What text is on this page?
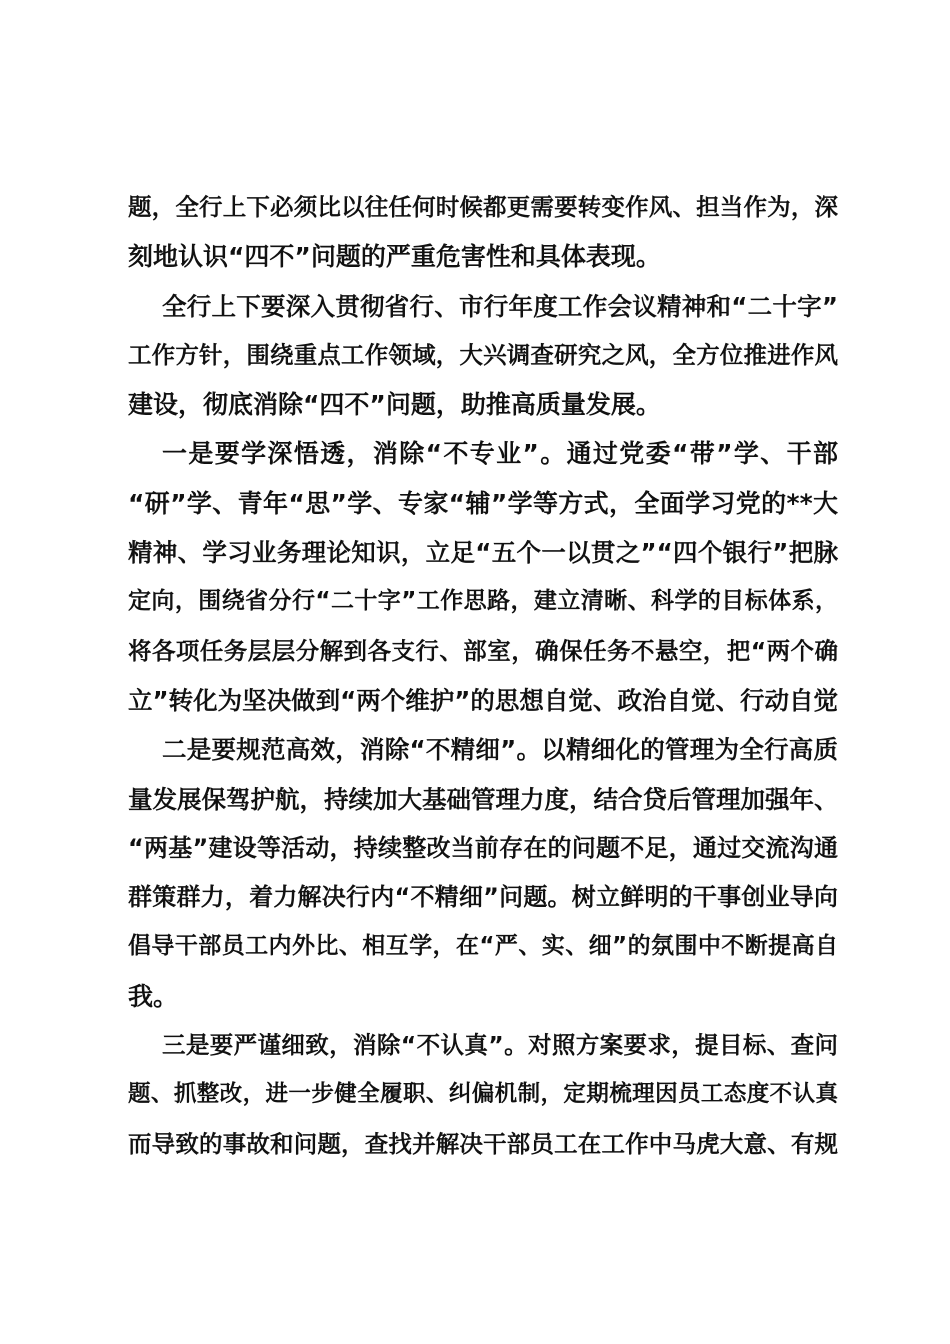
题，全行上下必须比以往任何时候都更需要转变作风、担当作为，深
刻地认识“四不”问题的严重危害性和具体表现。
全行上下要深入贯彻省行、市行年度工作会议精神和“二十字”
工作方针，围绕重点工作领域，大兴调查研究之风，全方位推进作风
建设，彻底消除“四不”问题，助推高质量发展。
一是要学深悟透，消除“不专业”。通过党委“带”学、干部
“研”学、青年“思”学、专家“辅”学等方式，全面学习党的**大
精神、学习业务理论知识，立足“五个一以贯之”“四个银行”把脉
定向，围绕省分行“二十字”工作思路，建立清晰、科学的目标体系，
将各项任务层层分解到各支行、部室，确保任务不悬空，把“两个确
立”转化为坚决做到“两个维护”的思想自觉、政治自觉、行动自觉
二是要规范高效，消除“不精细”。以精细化的管理为全行高质
量发展保驾护航，持续加大基础管理力度，结合贷后管理加强年、
“两基”建设等活动，持续整改当前存在的问题不足，通过交流沟通
群策群力，着力解决行内“不精细”问题。树立鲜明的干事创业导向
倡导干部员工内外比、相互学，在“严、实、细”的氛围中不断提高自
我。
三是要严谨细致，消除“不认真”。对照方案要求，提目标、查问
题、抓整改，进一步健全履职、纠偏机制，定期梳理因员工态度不认真
而导致的事故和问题，查找并解决干部员工在工作中马虎大意、有规
